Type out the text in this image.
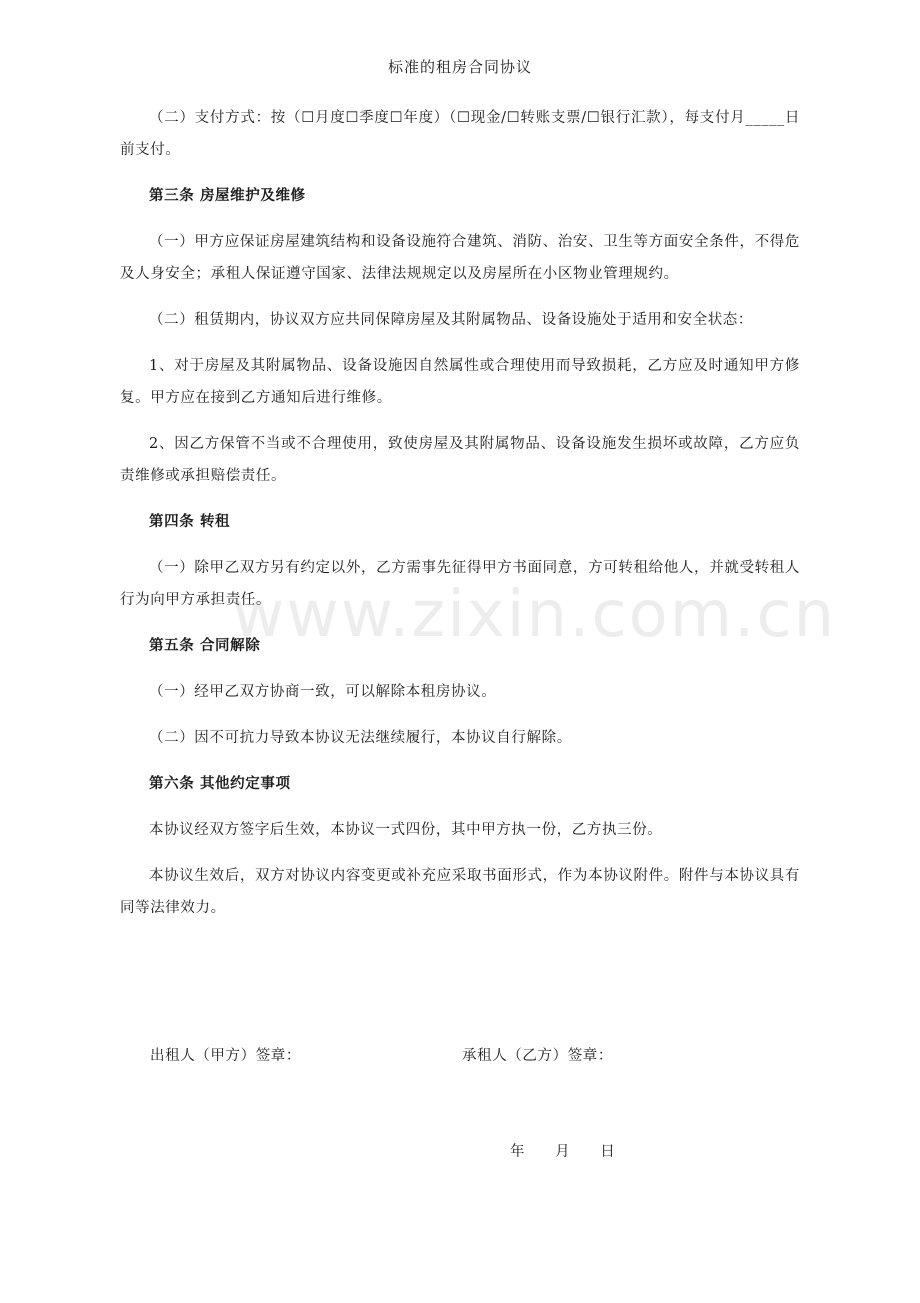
www.zixin.com.cn
标准的租房合同协议

（二）支付方式：按（☐月度☐季度☐年度）（☐现金/☐转账支票/☐银行汇款），每支付月_____日前支付。

第三条 房屋维护及维修

（一）甲方应保证房屋建筑结构和设备设施符合建筑、消防、治安、卫生等方面安全条件，不得危及人身安全；承租人保证遵守国家、法律法规规定以及房屋所在小区物业管理规约。

（二）租赁期内，协议双方应共同保障房屋及其附属物品、设备设施处于适用和安全状态：

1、对于房屋及其附属物品、设备设施因自然属性或合理使用而导致损耗，乙方应及时通知甲方修复。甲方应在接到乙方通知后进行维修。

2、因乙方保管不当或不合理使用，致使房屋及其附属物品、设备设施发生损坏或故障，乙方应负责维修或承担赔偿责任。

第四条 转租

（一）除甲乙双方另有约定以外，乙方需事先征得甲方书面同意，方可转租给他人，并就受转租人行为向甲方承担责任。

第五条 合同解除

（一）经甲乙双方协商一致，可以解除本租房协议。

（二）因不可抗力导致本协议无法继续履行，本协议自行解除。

第六条 其他约定事项

本协议经双方签字后生效，本协议一式四份，其中甲方执一份，乙方执三份。

本协议生效后，双方对协议内容变更或补充应采取书面形式，作为本协议附件。附件与本协议具有同等法律效力。

出租人（甲方）签章：	承租人（乙方）签章：
年 月 日
